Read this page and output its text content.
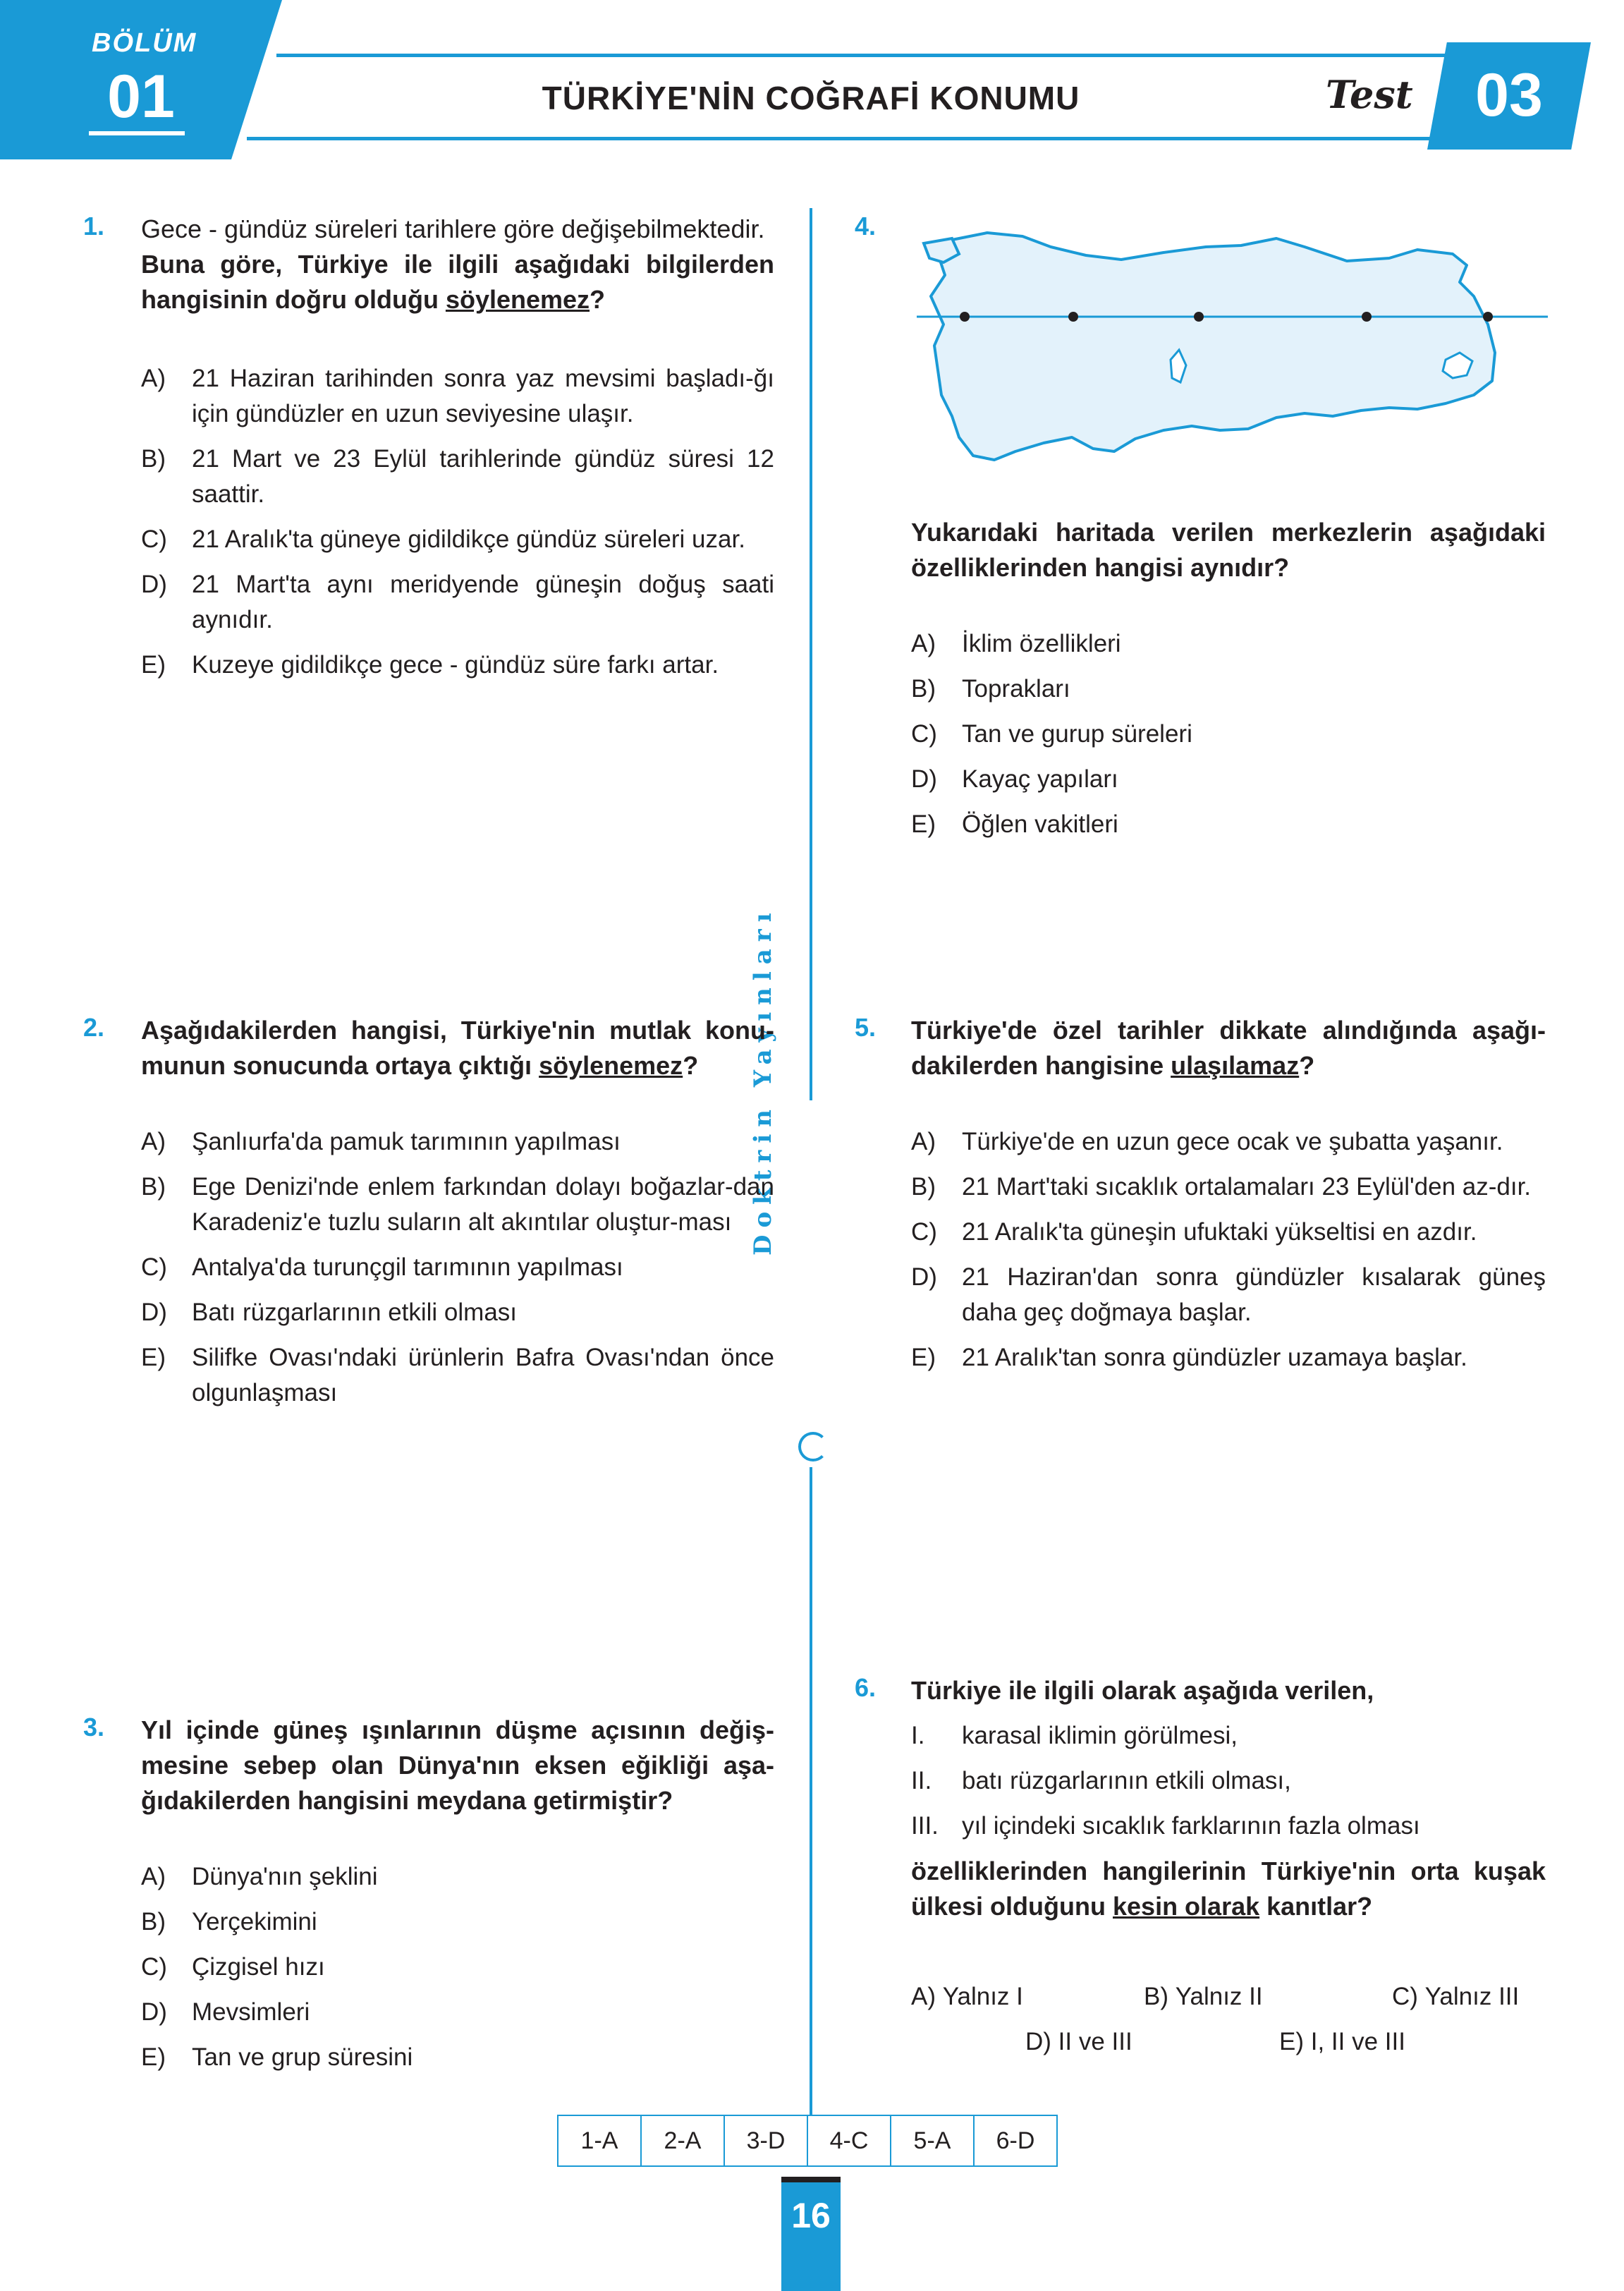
BÖLÜM
01	TÜRKİYE'NİN COĞRAFİ KONUMU	Test	03
Doktrin Yayınları
1.	Gece - gündüz süreleri tarihlere göre değişebilmektedir.
Buna göre, Türkiye ile ilgili aşağıdaki bilgilerden hangisinin doğru olduğu söylenemez?
A)	21 Haziran tarihinden sonra yaz mevsimi başladı-ğı için gündüzler en uzun seviyesine ulaşır.
B)	21 Mart ve 23 Eylül tarihlerinde gündüz süresi 12 saattir.
C)	21 Aralık'ta güneye gidildikçe gündüz süreleri uzar.
D)	21 Mart'ta aynı meridyende güneşin doğuş saati aynıdır.
E)	Kuzeye gidildikçe gece - gündüz süre farkı artar.
2.	Aşağıdakilerden hangisi, Türkiye'nin mutlak konu-munun sonucunda ortaya çıktığı söylenemez?
A)	Şanlıurfa'da pamuk tarımının yapılması
B)	Ege Denizi'nde enlem farkından dolayı boğazlar-dan Karadeniz'e tuzlu suların alt akıntılar oluştur-ması
C)	Antalya'da turunçgil tarımının yapılması
D)	Batı rüzgarlarının etkili olması
E)	Silifke Ovası'ndaki ürünlerin Bafra Ovası'ndan önce olgunlaşması
3.	Yıl içinde güneş ışınlarının düşme açısının değiş-mesine sebep olan Dünya'nın eksen eğikliği aşa-ğıdakilerden hangisini meydana getirmiştir?
A)	Dünya'nın şeklini
B)	Yerçekimini
C)	Çizgisel hızı
D)	Mevsimleri
E)	Tan ve grup süresini
4.
Yukarıdaki haritada verilen merkezlerin aşağıdaki özelliklerinden hangisi aynıdır?
A)	İklim özellikleri
B)	Toprakları
C)	Tan ve gurup süreleri
D)	Kayaç yapıları
E)	Öğlen vakitleri
5.	Türkiye'de özel tarihler dikkate alındığında aşağı-dakilerden hangisine ulaşılamaz?
A)	Türkiye'de en uzun gece ocak ve şubatta yaşanır.
B)	21 Mart'taki sıcaklık ortalamaları 23 Eylül'den az-dır.
C)	21 Aralık'ta güneşin ufuktaki yükseltisi en azdır.
D)	21 Haziran'dan sonra gündüzler kısalarak güneş daha geç doğmaya başlar.
E)	21 Aralık'tan sonra gündüzler uzamaya başlar.
6.	Türkiye ile ilgili olarak aşağıda verilen,
I.	karasal iklimin görülmesi,
II.	batı rüzgarlarının etkili olması,
III. yıl içindeki sıcaklık farklarının fazla olması
özelliklerinden hangilerinin Türkiye'nin orta kuşak ülkesi olduğunu kesin olarak kanıtlar?
A)
Yalnız I	B)
Yalnız II	C)
Yalnız III
D)
II ve III	E)
I, II ve III
1-A	2-A	3-D	4-C	5-A	6-D
16
